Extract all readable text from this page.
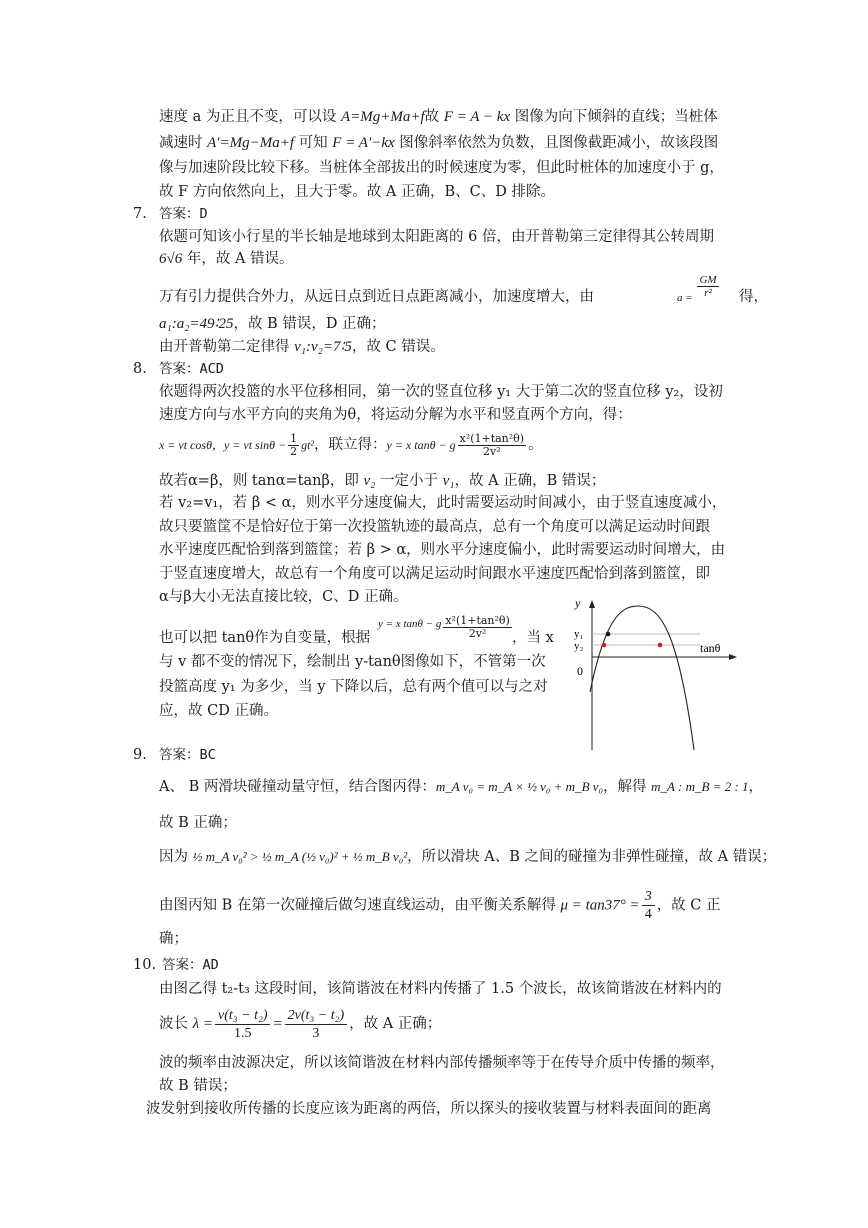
速度 a 为正且不变，可以设 A=Mg+Ma+f故 F = A − kx 图像为向下倾斜的直线；当桩体
减速时 A′=Mg−Ma+f 可知 F = A′−kx 图像斜率依然为负数，且图像截距减小，故该段图
像与加速阶段比较下移。当桩体全部拔出的时候速度为零，但此时桩体的加速度小于 g，
故 F 方向依然向上，且大于零。故 A 正确，B、C、D 排除。
7. 答案：D
依题可知该小行星的半长轴是地球到太阳距离的 6 倍，由开普勒第三定律得其公转周期
6√6 年，故 A 错误。
万有引力提供合外力，从远日点到近日点距离减小，加速度增大，由	$a = \frac{GM}{\text{r²}}$ 得，
a₁:a₂=49∶25，故 B 错误，D 正确；
由开普勒第二定律得 v₁:v₂=7∶5，故 C 错误。
8. 答案：ACD
依题得两次投篮的水平位移相同，第一次的竖直位移 y₁ 大于第二次的竖直位移 y₂，设初
速度方向与水平方向的夹角为θ，将运动分解为水平和竖直两个方向，得：
x = vt cosθ，y = vt $\sin\theta - \frac{1}{2} gt^2$，联立得：y = x tanθ − g $\frac{\text{x²(1+tan²θ)}}{\text{2v²}}$ 。
故若α=β，则 tanα=tanβ，即 v₂ 一定小于 v₁，故 A 正确，B 错误；
若 v₂=v₁，若 β < α，则水平分速度偏大，此时需要运动时间减小，由于竖直速度减小，
故只要篮筐不是恰好位于第一次投篮轨迹的最高点，总有一个角度可以满足运动时间跟
水平速度匹配恰到落到篮筐；若 β > α，则水平分速度偏小，此时需要运动时间增大，由
于竖直速度增大，故总有一个角度可以满足运动时间跟水平速度匹配恰到落到篮筐，即
α与β大小无法直接比较，C、D 正确。
也可以把 tanθ作为自变量，根据
y = x tanθ − g $\frac{\text{x²(1+tan²θ)}}{\text{2v²}}$ ，当 x
与 v 都不变的情况下，绘制出 y-tanθ图像如下，不管第一次
投篮高度 y₁ 为多少，当 y 下降以后，总有两个值可以与之对
应，故 CD 正确。
y
tanθ
0
y₁
y₂
9. 答案：BC
A、 B 两滑块碰撞动量守恒，结合图丙得：m_A v₀ = m_A × ½ v₀ + m_B v₀，解得 m_A : m_B = 2 : 1，
故 B 正确；
因为 ½ m_A v₀² > ½ m_A (½ v₀)² + ½ m_B v₀²，所以滑块 A、B 之间的碰撞为非弹性碰撞，故 A 错误；
由图丙知 B 在第一次碰撞后做匀速直线运动，由平衡关系解得 $\mu = \tan 37^\circ = \frac{3}{4}$ ，故 C 正
确；
10. 答案：AD
由图乙得 t₂-t₃ 这段时间，该简谐波在材料内传播了 1.5 个波长，故该简谐波在材料内的
波长 $\lambda = \frac{\text{v(t₃ − t₂)}}{1.5} = \frac{\text{2v(t₃ − t₂)}}{3}$ ，故 A 正确；
波的频率由波源决定，所以该简谐波在材料内部传播频率等于在传导介质中传播的频率，
故 B 错误；
波发射到接收所传播的长度应该为距离的两倍，所以探头的接收装置与材料表面间的距离
